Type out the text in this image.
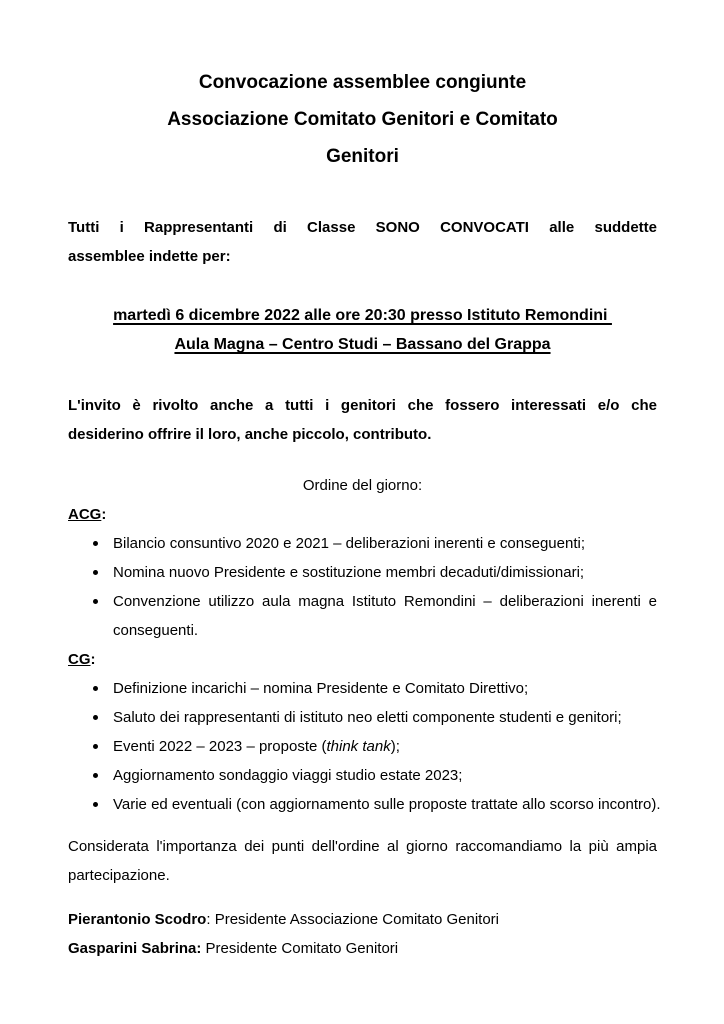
Convocazione assemblee congiunte
Associazione Comitato Genitori e Comitato
Genitori
Tutti i Rappresentanti di Classe SONO CONVOCATI alle suddette
assemblee indette per:
martedì 6 dicembre 2022 alle ore 20:30 presso Istituto Remondini
Aula Magna – Centro Studi – Bassano del Grappa
L'invito è rivolto anche a tutti i genitori che fossero interessati e/o che
desiderino offrire il loro, anche piccolo, contributo.
Ordine del giorno:
ACG:
Bilancio consuntivo 2020 e 2021 – deliberazioni inerenti e conseguenti;
Nomina nuovo Presidente e sostituzione membri decaduti/dimissionari;
Convenzione utilizzo aula magna Istituto Remondini – deliberazioni inerenti e
conseguenti.
CG:
Definizione incarichi – nomina Presidente e Comitato Direttivo;
Saluto dei rappresentanti di istituto neo eletti componente studenti e genitori;
Eventi 2022 – 2023 – proposte (think tank);
Aggiornamento sondaggio viaggi studio estate 2023;
Varie ed eventuali (con aggiornamento sulle proposte trattate allo scorso incontro).
Considerata l'importanza dei punti dell'ordine al giorno raccomandiamo la più ampia
partecipazione.
Pierantonio Scodro: Presidente Associazione Comitato Genitori
Gasparini Sabrina: Presidente Comitato Genitori
